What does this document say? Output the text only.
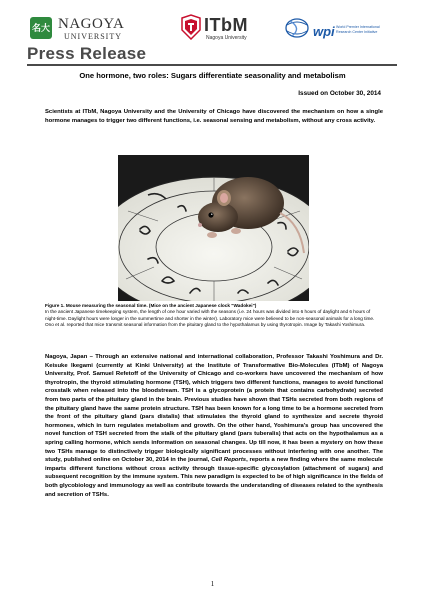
名大 NAGOYA
UNIVERSITY
ITbM
Nagoya University	wpi World Premier International Research Center Initiative
Press Release
One hormone, two roles: Sugars differentiate seasonality and metabolism
Issued on October 30, 2014
Scientists at ITbM, Nagoya University and the University of Chicago have discovered the mechanism on how a single hormone manages to trigger two different functions, i.e. seasonal sensing and metabolism, without any cross activity.
Figure 1. Mouse measuring the seasonal time. (Mice on the ancient Japanese clock "Wadokei")
In the ancient Japanese timekeeping system, the length of one hour varied with the seasons (i.e. 24 hours was divided into 6 hours of daylight and 6 hours of night-time. Daylight hours were longer in the summertime and shorter in the winter). Laboratory mice were believed to be non-seasonal animals for a long time. Ono et al. reported that mice transmit seasonal information from the pituitary gland to the hypothalamus by using thyrotropin. Image by Takashi Yoshimura.
Nagoya, Japan – Through an extensive national and international collaboration, Professor Takashi Yoshimura and Dr. Keisuke Ikegami (currently at Kinki University) at the Institute of Transformative Bio-Molecules (ITbM) of Nagoya University, Prof. Samuel Refetoff of the University of Chicago and co-workers have uncovered the mechanism of how thyrotropin, the thyroid stimulating hormone (TSH), which triggers two different functions, manages to avoid functional crosstalk when released into the bloodstream. TSH is a glycoprotein (a protein that contains carbohydrate) secreted from two parts of the pituitary gland in the brain. Previous studies have shown that TSHs secreted from both regions of the pituitary gland have the same protein structure. TSH has been known for a long time to be a hormone secreted from the front of the pituitary gland (pars distalis) that stimulates the thyroid gland to synthesize and secrete thyroid hormones, which in turn regulates metabolism and growth. On the other hand, Yoshimura's group has uncovered the novel function of TSH secreted from the stalk of the pituitary gland (pars tuberalis) that acts on the hypothalamus as a spring calling hormone, which sends information on seasonal changes. Up till now, it has been a mystery on how these two TSHs manage to distinctively trigger biologically significant processes without interfering with one another. The study, published online on October 30, 2014 in the journal, Cell Reports, reports a new finding where the same molecule imparts different functions without cross activity through tissue-specific glycosylation (attachment of sugars) and subsequent recognition by the immune system. This new paradigm is expected to be of high significance in the fields of both glycobiology and immunology as well as contribute towards the understanding of diseases related to the synthesis and secretion of TSHs.
1
